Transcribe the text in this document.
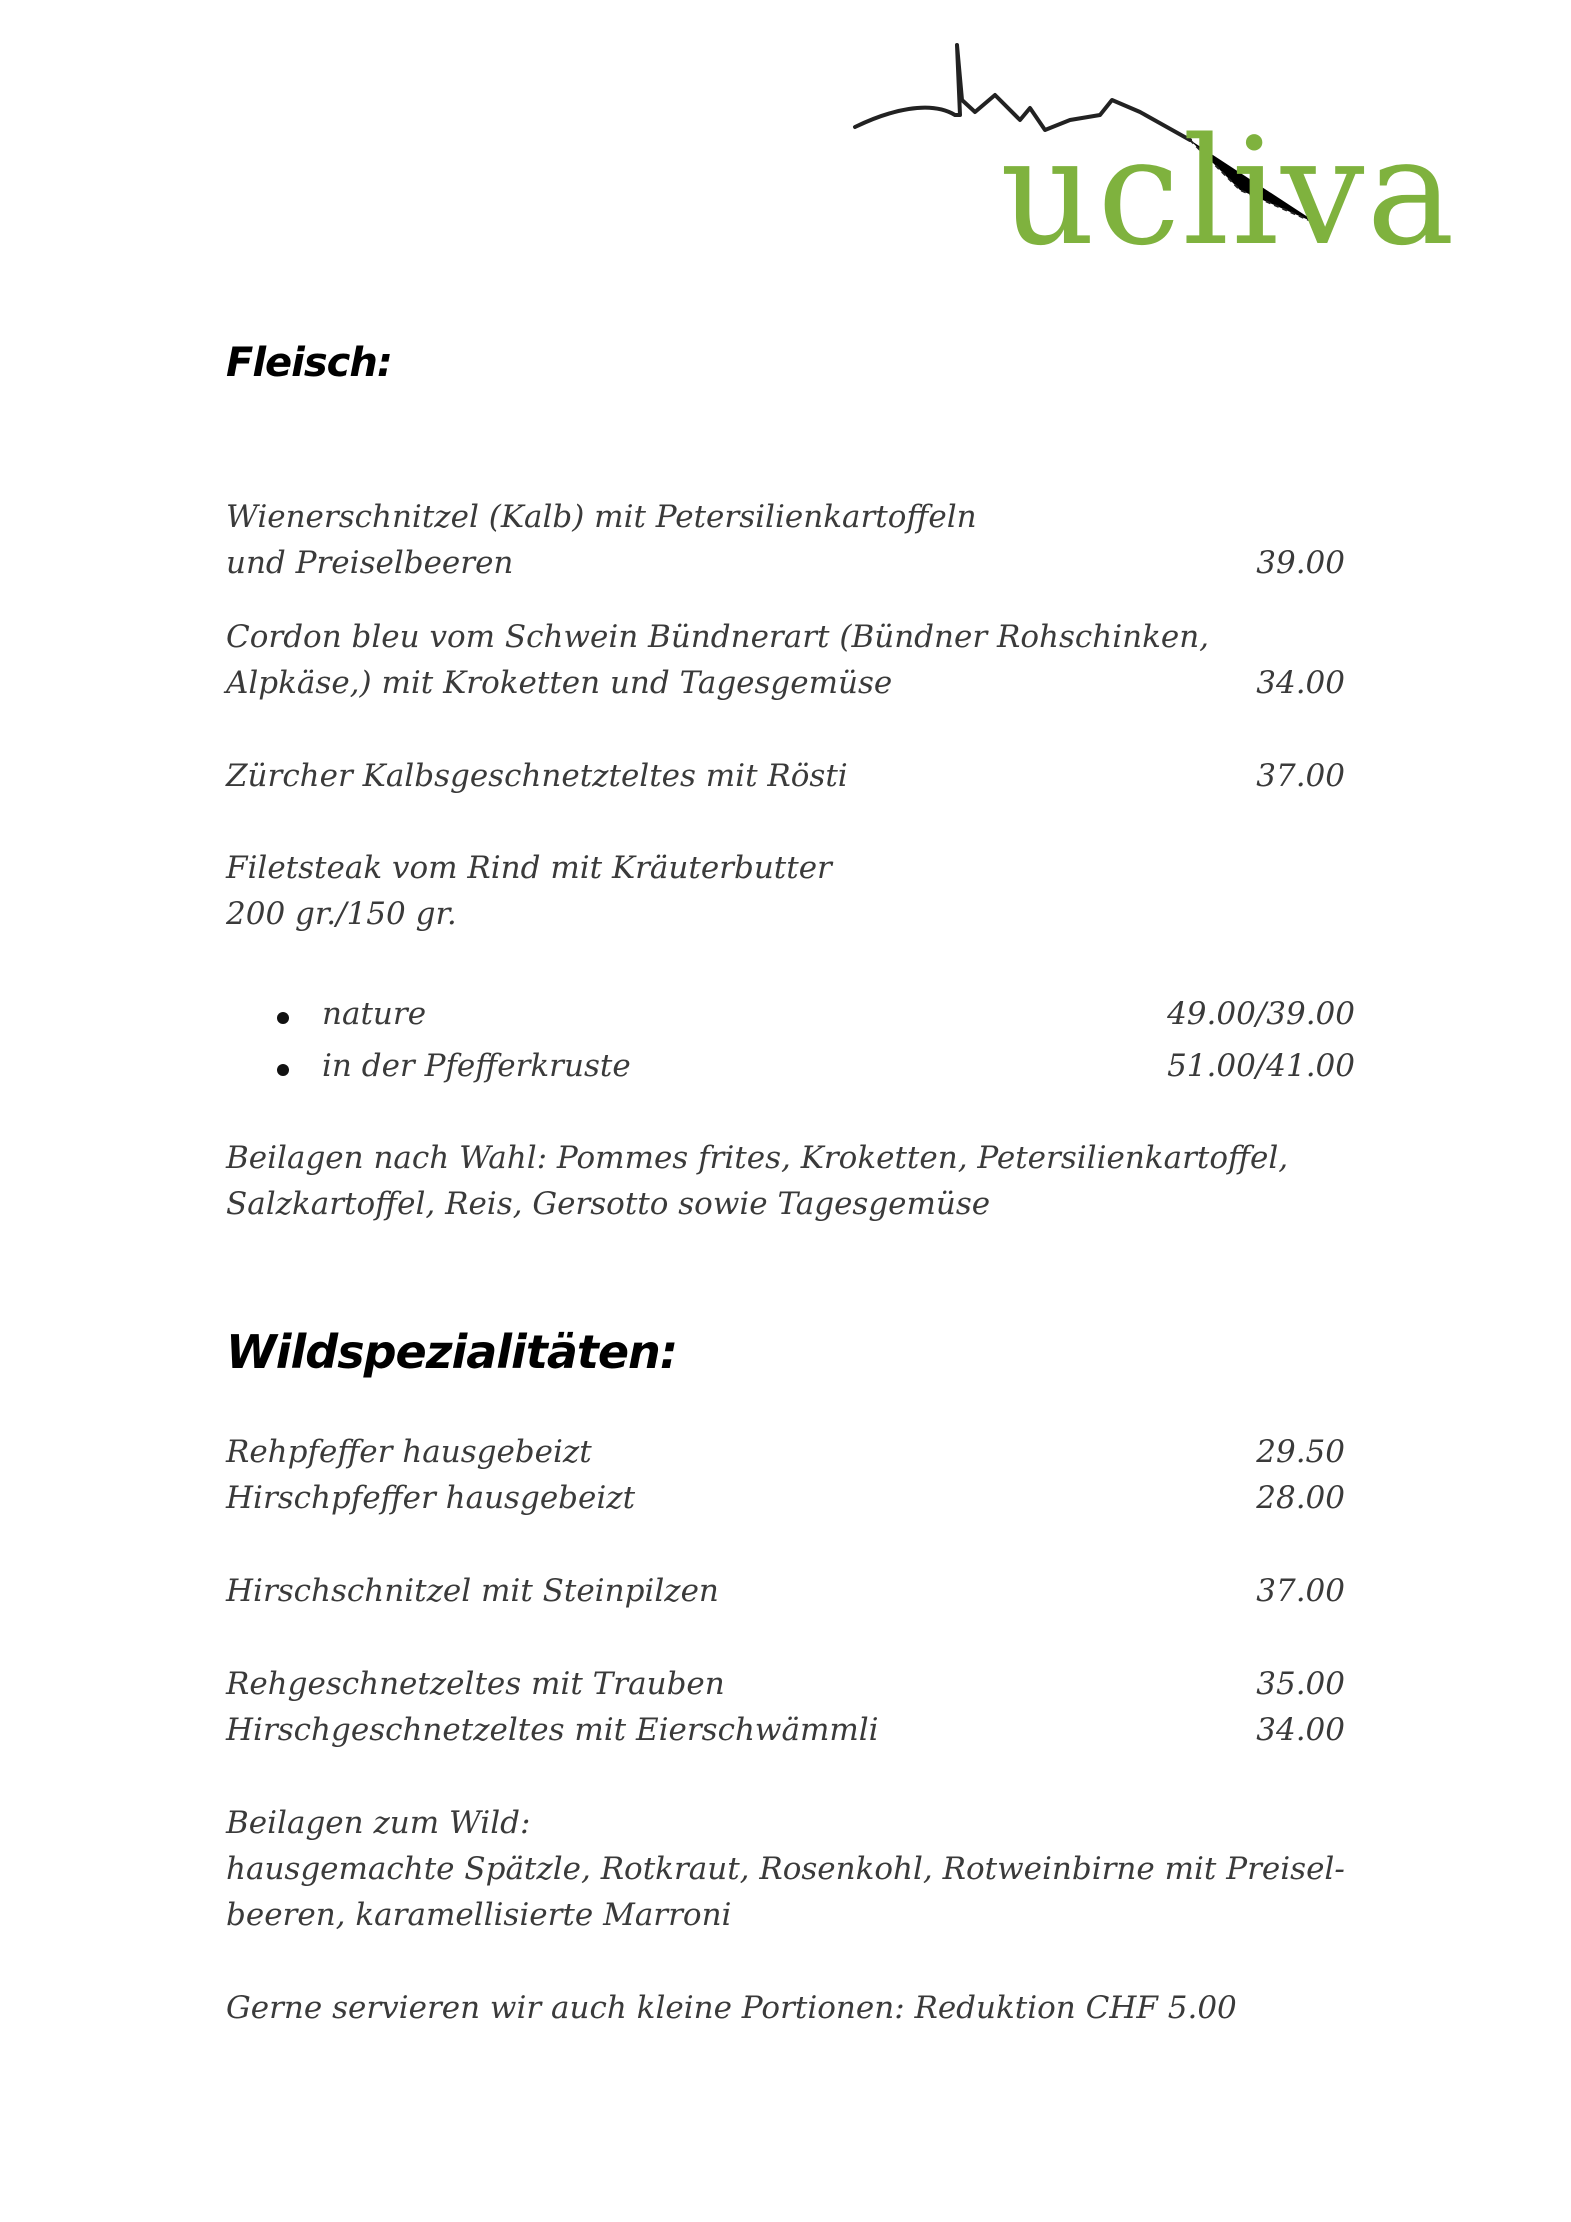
ucliva
Fleisch:
Wienerschnitzel (Kalb) mit Petersilienkartoffeln
und Preiselbeeren	39.00
Cordon bleu vom Schwein Bündnerart (Bündner Rohschinken,
Alpkäse,) mit Kroketten und Tagesgemüse	34.00
Zürcher Kalbsgeschnetzteltes mit Rösti	37.00
Filetsteak vom Rind mit Kräuterbutter
200 gr./150 gr.
nature	49.00/39.00
in der Pfefferkruste	51.00/41.00
Beilagen nach Wahl: Pommes frites, Kroketten, Petersilienkartoffel,
Salzkartoffel, Reis, Gersotto sowie Tagesgemüse
Wildspezialitäten:
Rehpfeffer hausgebeizt	29.50
Hirschpfeffer hausgebeizt	28.00
Hirschschnitzel mit Steinpilzen	37.00
Rehgeschnetzeltes mit Trauben	35.00
Hirschgeschnetzeltes mit Eierschwämmli	34.00
Beilagen zum Wild:
hausgemachte Spätzle, Rotkraut, Rosenkohl, Rotweinbirne mit Preisel-
beeren, karamellisierte Marroni
Gerne servieren wir auch kleine Portionen: Reduktion CHF 5.00
